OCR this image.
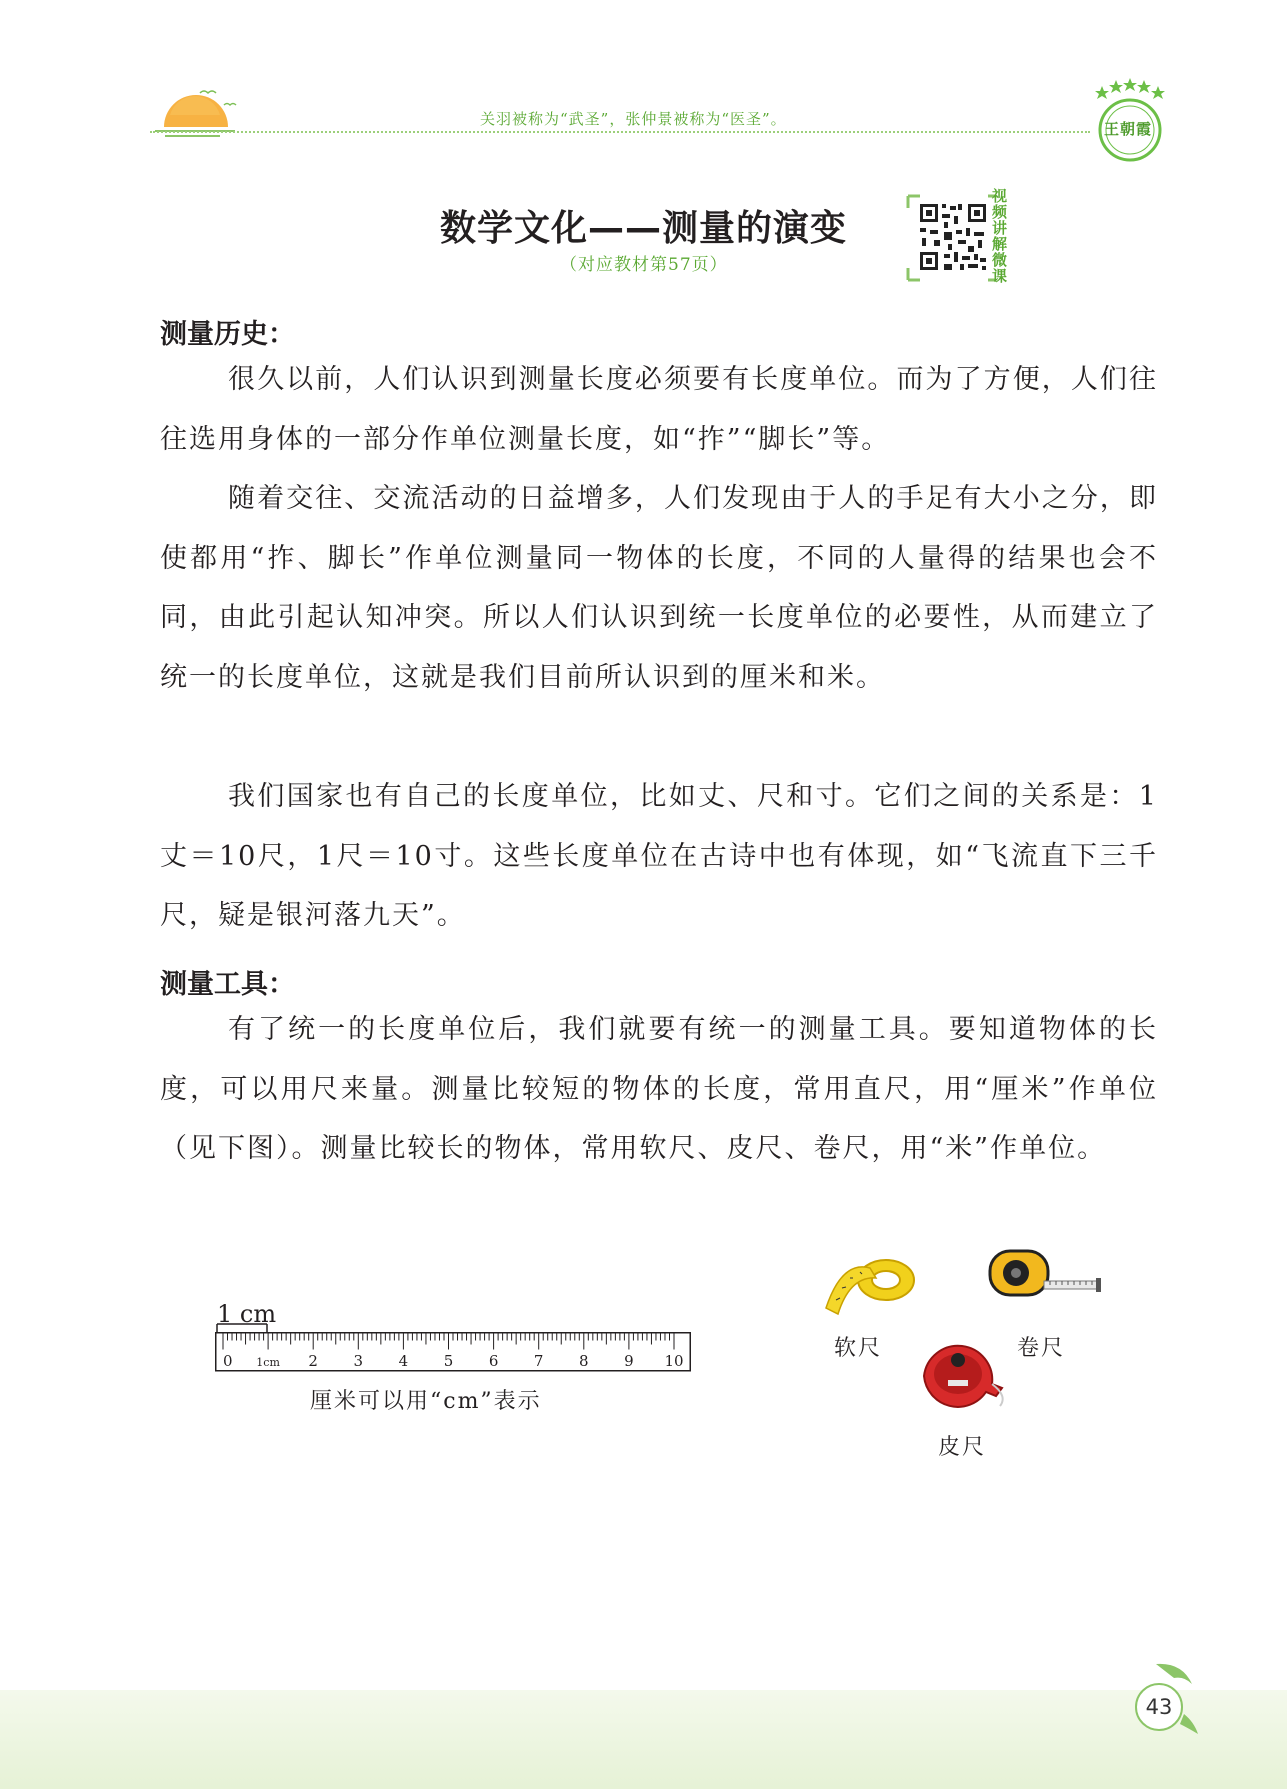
关羽被称为“武圣”，张仲景被称为“医圣”。
王朝霞
数学文化——测量的演变
（对应教材第57页）
视频讲解微课
测量历史：

很久以前，人们认识到测量长度必须要有长度单位。而为了方便，人们往往选用身体的一部分作单位测量长度，如“拃”“脚长”等。

随着交往、交流活动的日益增多，人们发现由于人的手足有大小之分，即使都用“拃、脚长”作单位测量同一物体的长度，不同的人量得的结果也会不同，由此引起认知冲突。所以人们认识到统一长度单位的必要性，从而建立了统一的长度单位，这就是我们目前所认识到的厘米和米。

我们国家也有自己的长度单位，比如丈、尺和寸。它们之间的关系是：1丈＝10尺，1尺＝10寸。这些长度单位在古诗中也有体现，如“飞流直下三千尺，疑是银河落九天”。

测量工具：

有了统一的长度单位后，我们就要有统一的测量工具。要知道物体的长度，可以用尺来量。测量比较短的物体的长度，常用直尺，用“厘米”作单位（见下图）。测量比较长的物体，常用软尺、皮尺、卷尺，用“米”作单位。

1 cm
0 1cm 2 3 4 5 6 7 8 9 10
厘米可以用“cm”表示
软尺	卷尺
皮尺
43
